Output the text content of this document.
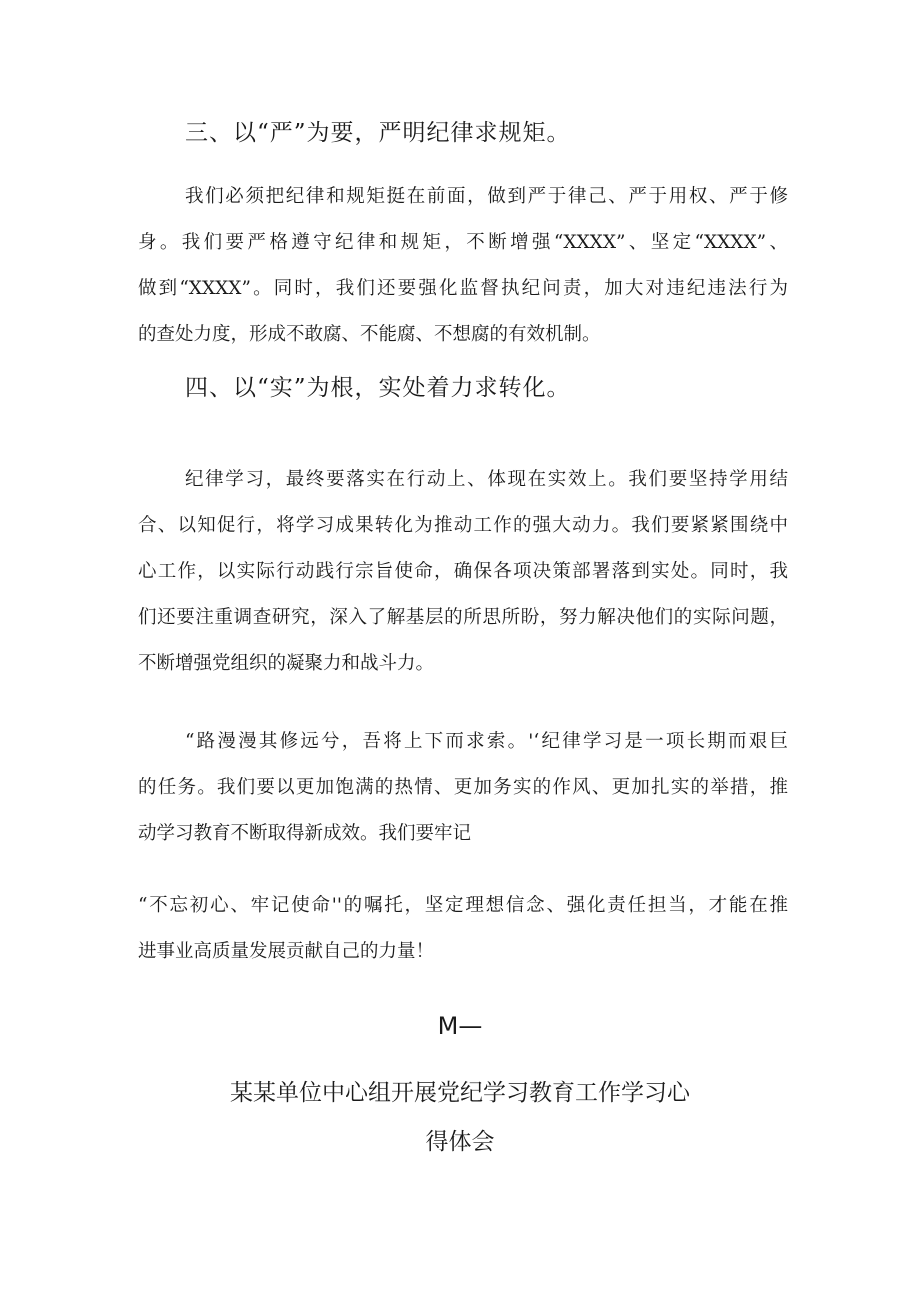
三、以“严”为要，严明纪律求规矩。
我们必须把纪律和规矩挺在前面，做到严于律己、严于用权、严于修
身。我们要严格遵守纪律和规矩，不断增强“XXXX”、坚定“XXXX”、
做到“XXXX”。同时，我们还要强化监督执纪问责，加大对违纪违法行为
的查处力度，形成不敢腐、不能腐、不想腐的有效机制。
四、以“实”为根，实处着力求转化。
纪律学习，最终要落实在行动上、体现在实效上。我们要坚持学用结
合、以知促行，将学习成果转化为推动工作的强大动力。我们要紧紧围绕中
心工作，以实际行动践行宗旨使命，确保各项决策部署落到实处。同时，我
们还要注重调查研究，深入了解基层的所思所盼，努力解决他们的实际问题，
不断增强党组织的凝聚力和战斗力。
“路漫漫其修远兮，吾将上下而求索。'‘纪律学习是一项长期而艰巨
的任务。我们要以更加饱满的热情、更加务实的作风、更加扎实的举措，推
动学习教育不断取得新成效。我们要牢记
“不忘初心、牢记使命''的嘱托，坚定理想信念、强化责任担当，才能在推
进事业高质量发展贡献自己的力量！
M—
某某单位中心组开展党纪学习教育工作学习心
得体会
